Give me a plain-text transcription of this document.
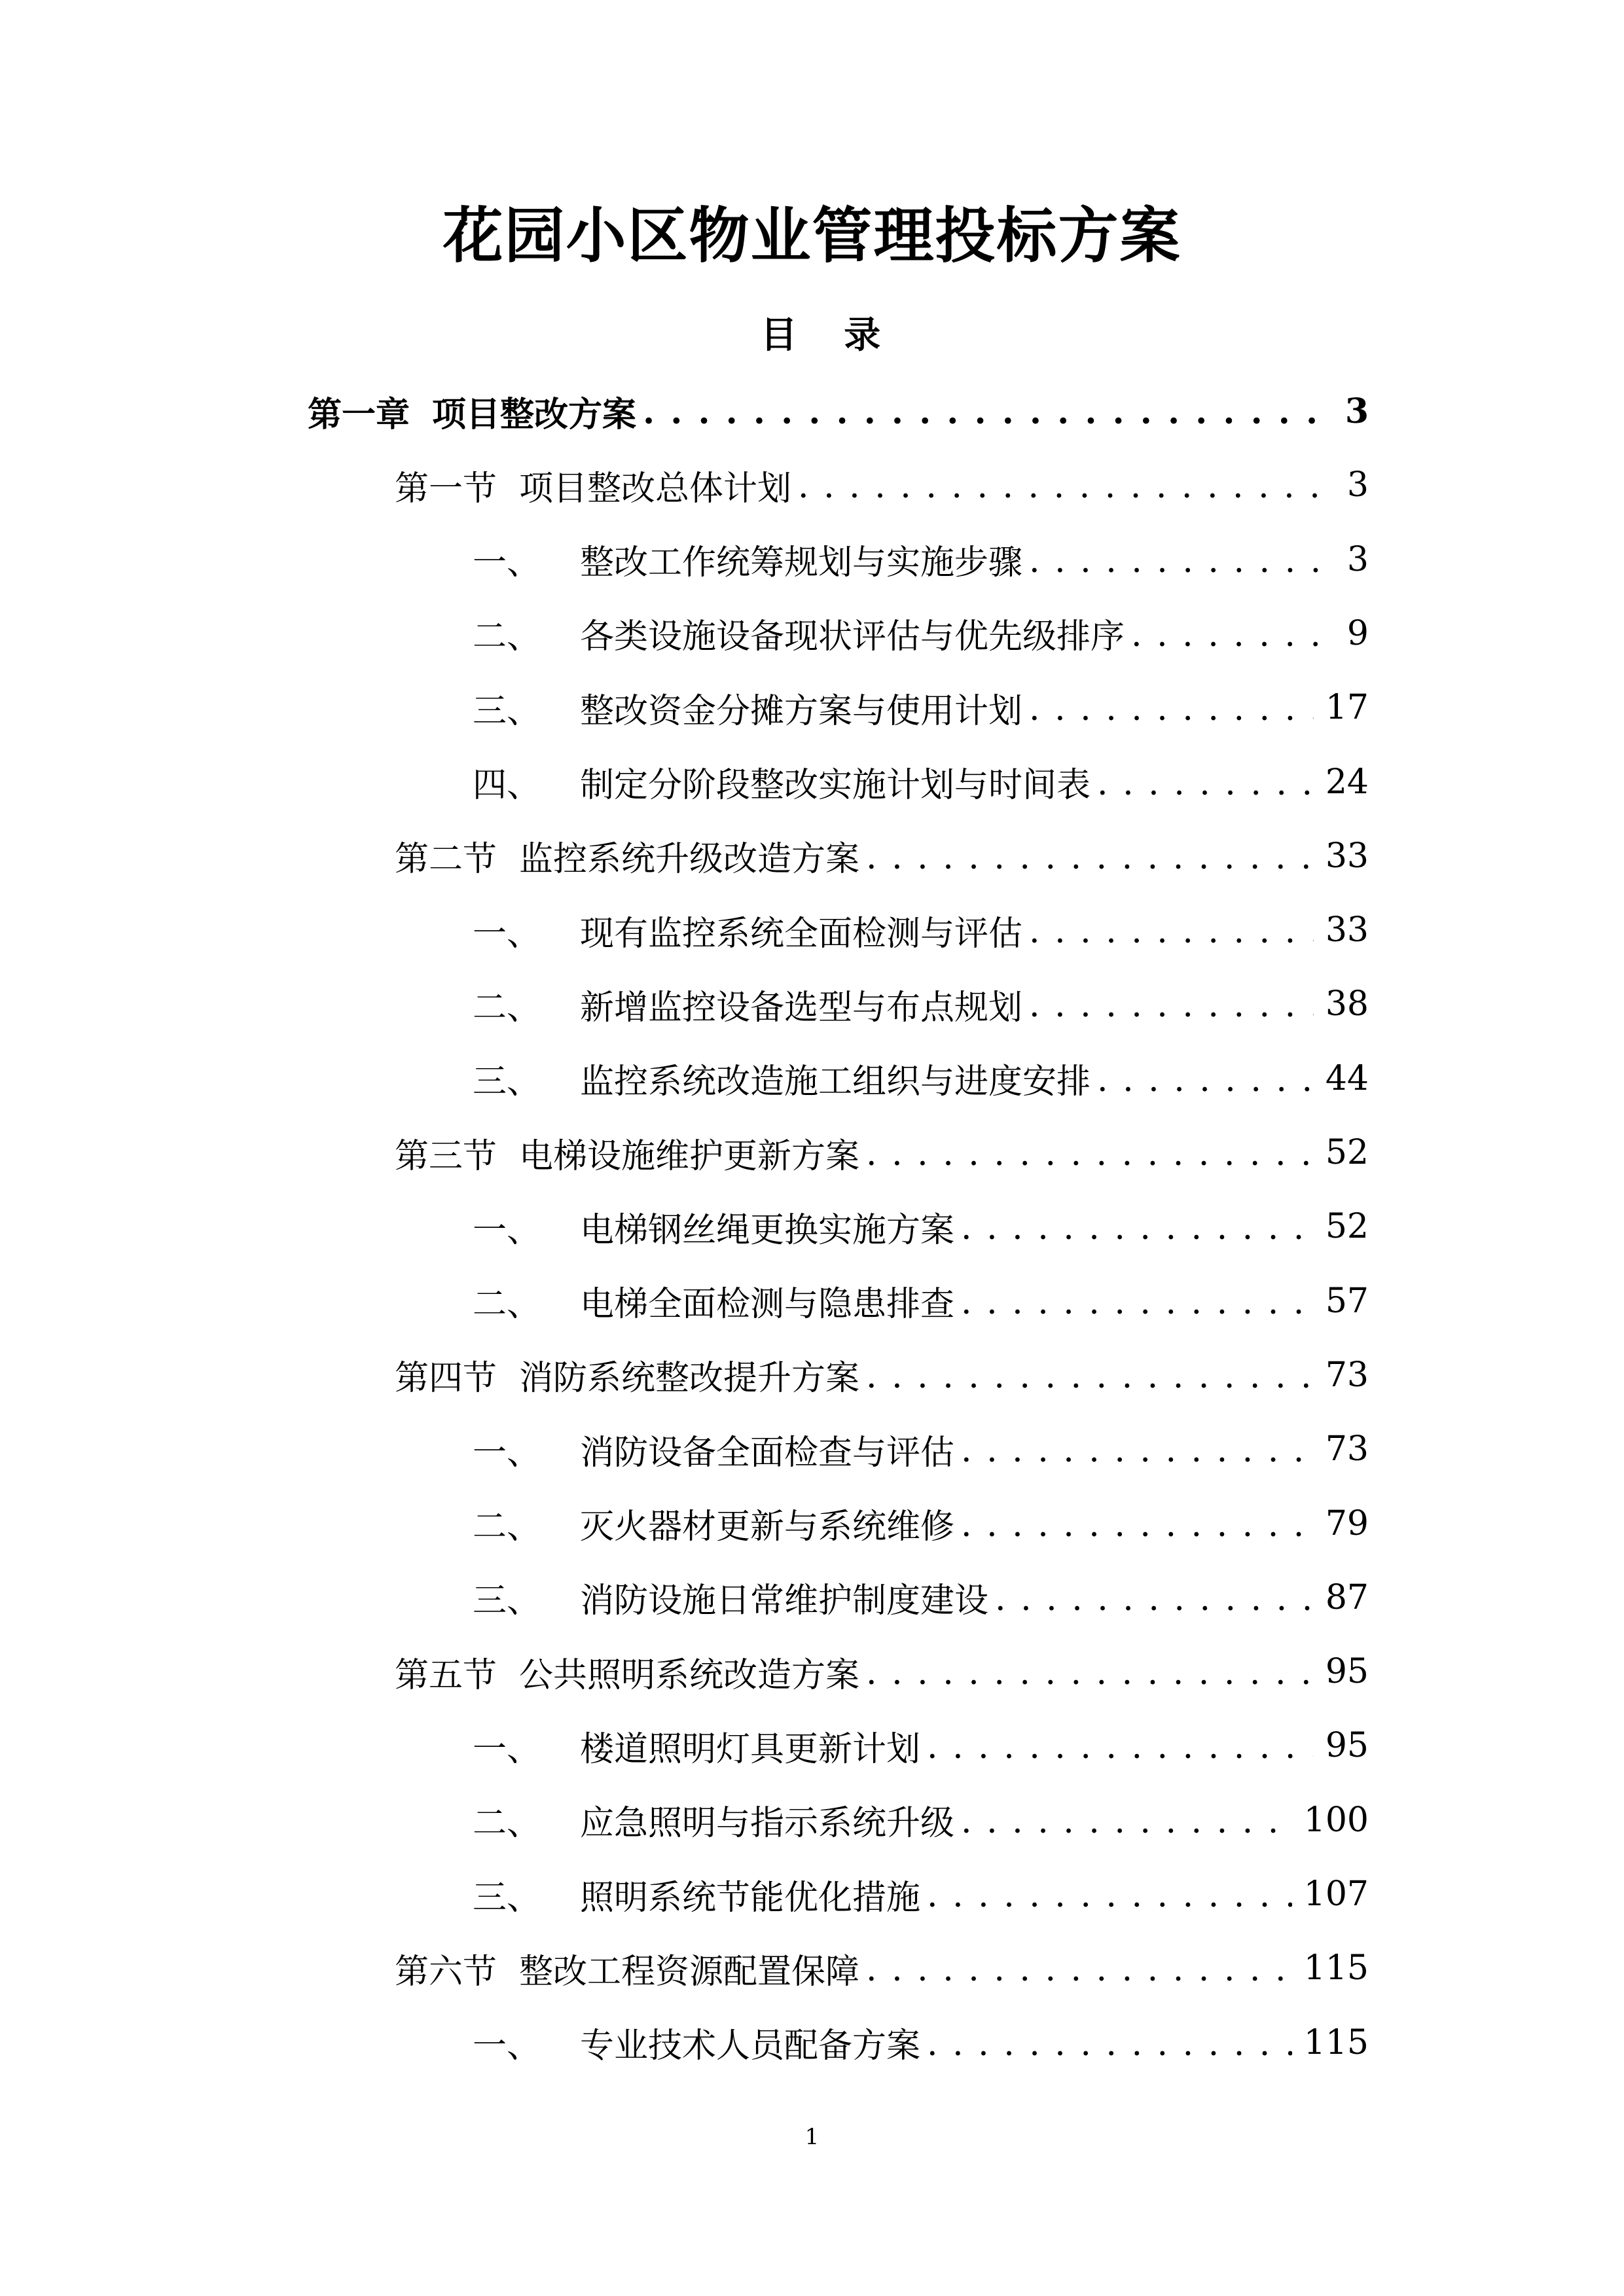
花园小区物业管理投标方案
目 录
第一章 项目整改方案 . . .	3
第一节 项目整改总体计划 . . .	3
一、 整改工作统筹规划与实施步骤 . . .	3
二、 各类设施设备现状评估与优先级排序 . . .	9
三、 整改资金分摊方案与使用计划 . . .	17
四、 制定分阶段整改实施计划与时间表 . . .	24
第二节 监控系统升级改造方案 . . .	33
一、 现有监控系统全面检测与评估 . . .	33
二、 新增监控设备选型与布点规划 . . .	38
三、 监控系统改造施工组织与进度安排 . . .	44
第三节 电梯设施维护更新方案 . . .	52
一、 电梯钢丝绳更换实施方案 . . .	52
二、 电梯全面检测与隐患排查 . . .	57
第四节 消防系统整改提升方案 . . .	73
一、 消防设备全面检查与评估 . . .	73
二、 灭火器材更新与系统维修 . . .	79
三、 消防设施日常维护制度建设 . . .	87
第五节 公共照明系统改造方案 . . .	95
一、 楼道照明灯具更新计划 . . .	95
二、 应急照明与指示系统升级 . . .	100
三、 照明系统节能优化措施 . . .	107
第六节 整改工程资源配置保障 . . .	115
一、 专业技术人员配备方案 . . .	115
1
